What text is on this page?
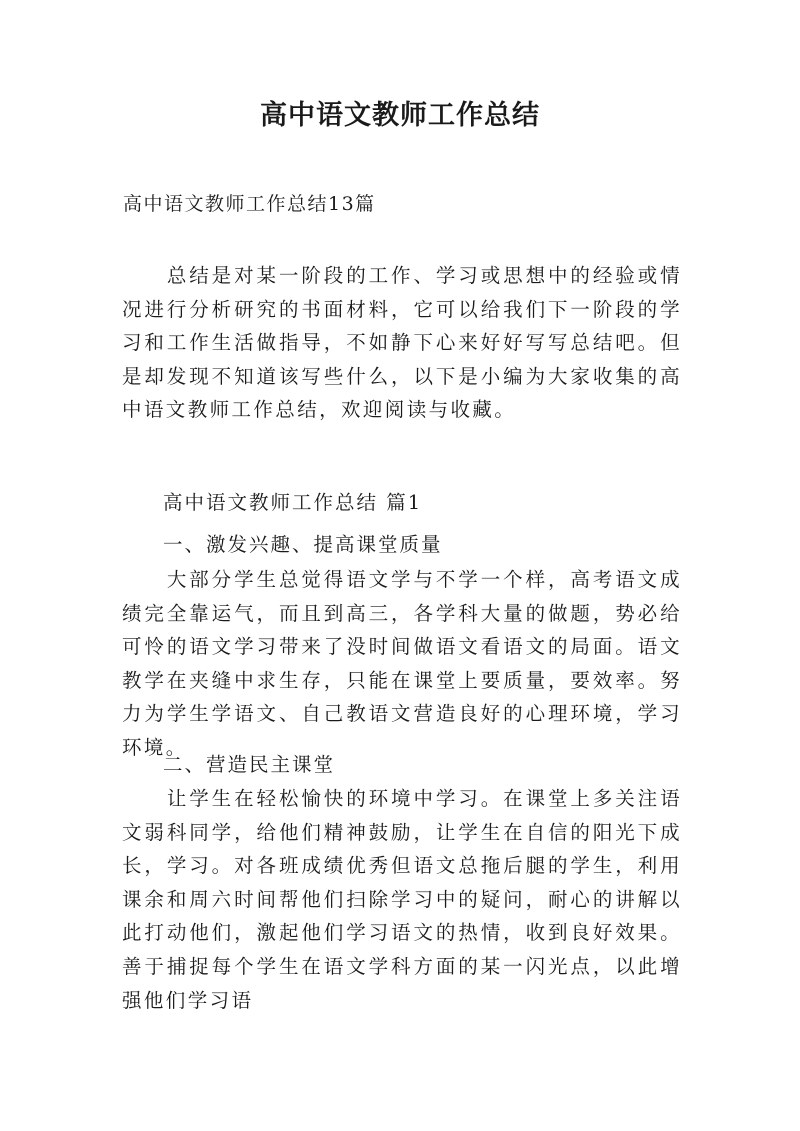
高中语文教师工作总结
高中语文教师工作总结13篇
总结是对某一阶段的工作、学习或思想中的经验或情况进行分析研究的书面材料，它可以给我们下一阶段的学习和工作生活做指导，不如静下心来好好写写总结吧。但是却发现不知道该写些什么，以下是小编为大家收集的高中语文教师工作总结，欢迎阅读与收藏。
高中语文教师工作总结 篇1
一、激发兴趣、提高课堂质量
大部分学生总觉得语文学与不学一个样，高考语文成绩完全靠运气，而且到高三，各学科大量的做题，势必给可怜的语文学习带来了没时间做语文看语文的局面。语文教学在夹缝中求生存，只能在课堂上要质量，要效率。努力为学生学语文、自己教语文营造良好的心理环境，学习环境。
二、营造民主课堂
让学生在轻松愉快的环境中学习。在课堂上多关注语文弱科同学，给他们精神鼓励，让学生在自信的阳光下成长，学习。对各班成绩优秀但语文总拖后腿的学生，利用课余和周六时间帮他们扫除学习中的疑问，耐心的讲解以此打动他们，激起他们学习语文的热情，收到良好效果。善于捕捉每个学生在语文学科方面的某一闪光点，以此增强他们学习语
